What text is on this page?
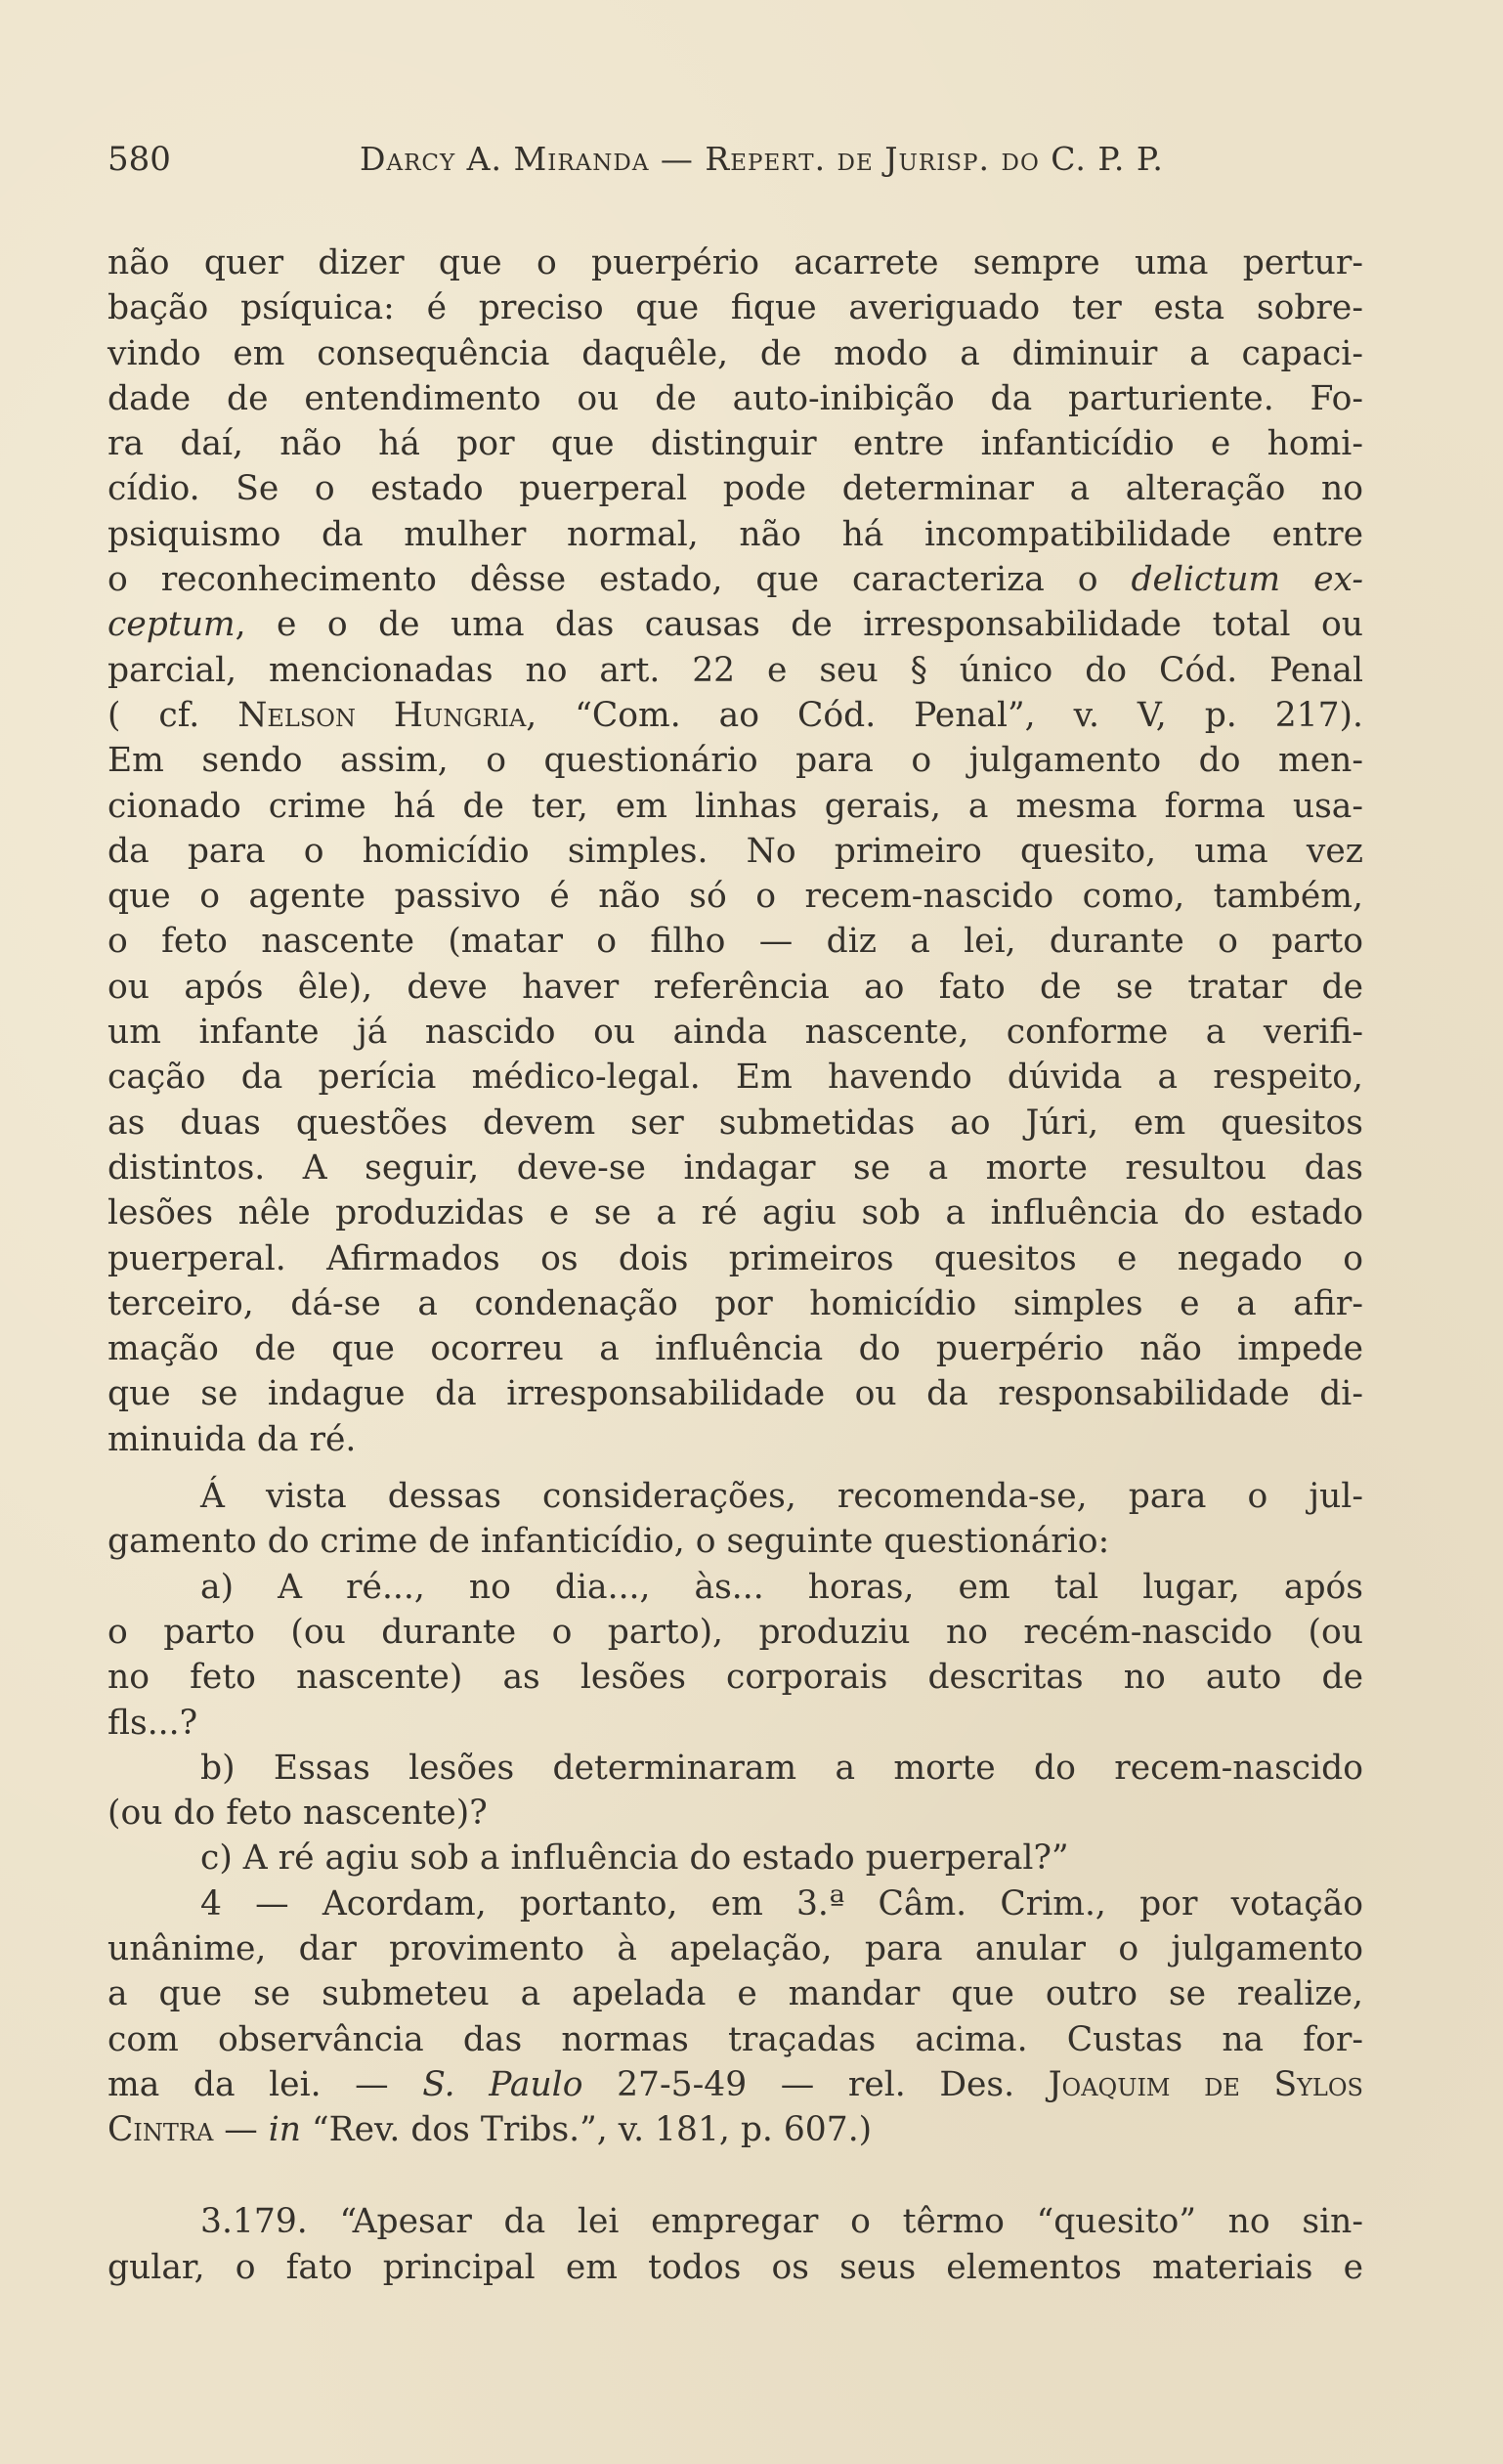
580	Darcy A. Miranda — Repert. de Jurisp. do C. P. P.
não quer dizer que o puerpério acarrete sempre uma pertur-
bação psíquica: é preciso que fique averiguado ter esta sobre-
vindo em consequência daquêle, de modo a diminuir a capaci-
dade de entendimento ou de auto-inibição da parturiente. Fo-
ra daí, não há por que distinguir entre infanticídio e homi-
cídio. Se o estado puerperal pode determinar a alteração no
psiquismo da mulher normal, não há incompatibilidade entre
o reconhecimento dêsse estado, que caracteriza o delictum ex-
ceptum, e o de uma das causas de irresponsabilidade total ou
parcial, mencionadas no art. 22 e seu § único do Cód. Penal
( cf. Nelson Hungria, “Com. ao Cód. Penal”, v. V, p. 217).
Em sendo assim, o questionário para o julgamento do men-
cionado crime há de ter, em linhas gerais, a mesma forma usa-
da para o homicídio simples. No primeiro quesito, uma vez
que o agente passivo é não só o recem-nascido como, também,
o feto nascente (matar o filho — diz a lei, durante o parto
ou após êle), deve haver referência ao fato de se tratar de
um infante já nascido ou ainda nascente, conforme a verifi-
cação da perícia médico-legal. Em havendo dúvida a respeito,
as duas questões devem ser submetidas ao Júri, em quesitos
distintos. A seguir, deve-se indagar se a morte resultou das
lesões nêle produzidas e se a ré agiu sob a influência do estado
puerperal. Afirmados os dois primeiros quesitos e negado o
terceiro, dá-se a condenação por homicídio simples e a afir-
mação de que ocorreu a influência do puerpério não impede
que se indague da irresponsabilidade ou da responsabilidade di-
minuida da ré.
Á vista dessas considerações, recomenda-se, para o jul-
gamento do crime de infanticídio, o seguinte questionário:
a) A ré..., no dia..., às... horas, em tal lugar, após
o parto (ou durante o parto), produziu no recém-nascido (ou
no feto nascente) as lesões corporais descritas no auto de
fls...?
b) Essas lesões determinaram a morte do recem-nascido
(ou do feto nascente)?
c) A ré agiu sob a influência do estado puerperal?”
4 — Acordam, portanto, em 3.ª Câm. Crim., por votação
unânime, dar provimento à apelação, para anular o julgamento
a que se submeteu a apelada e mandar que outro se realize,
com observância das normas traçadas acima. Custas na for-
ma da lei. — S. Paulo 27-5-49 — rel. Des. Joaquim de Sylos
Cintra — in “Rev. dos Tribs.”, v. 181, p. 607.)
3.179. “Apesar da lei empregar o têrmo “quesito” no sin-
gular, o fato principal em todos os seus elementos materiais e
